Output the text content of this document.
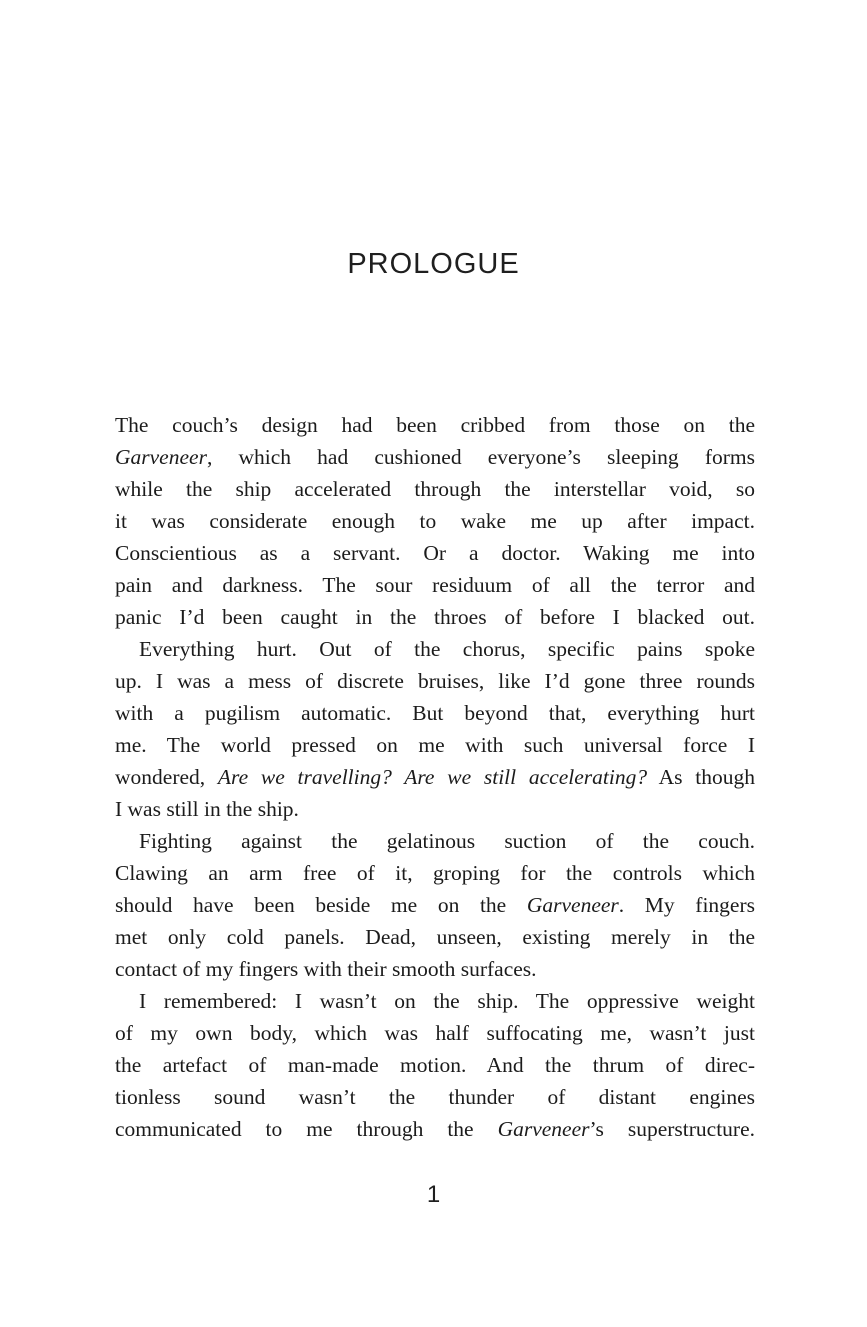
PROLOGUE
The couch’s design had been cribbed from those on the
Garveneer, which had cushioned everyone’s sleeping forms
while the ship accelerated through the interstellar void, so
it was considerate enough to wake me up after impact.
Conscientious as a servant. Or a doctor. Waking me into
pain and darkness. The sour residuum of all the terror and
panic I’d been caught in the throes of before I blacked out.
Everything hurt. Out of the chorus, specific pains spoke
up. I was a mess of discrete bruises, like I’d gone three rounds
with a pugilism automatic. But beyond that, everything hurt
me. The world pressed on me with such universal force I
wondered, Are we travelling? Are we still accelerating? As though
I was still in the ship.
Fighting against the gelatinous suction of the couch.
Clawing an arm free of it, groping for the controls which
should have been beside me on the Garveneer. My fingers
met only cold panels. Dead, unseen, existing merely in the
contact of my fingers with their smooth surfaces.
I remembered: I wasn’t on the ship. The oppressive weight
of my own body, which was half suffocating me, wasn’t just
the artefact of man-made motion. And the thrum of direc-
tionless sound wasn’t the thunder of distant engines
communicated to me through the Garveneer’s superstructure.
1
